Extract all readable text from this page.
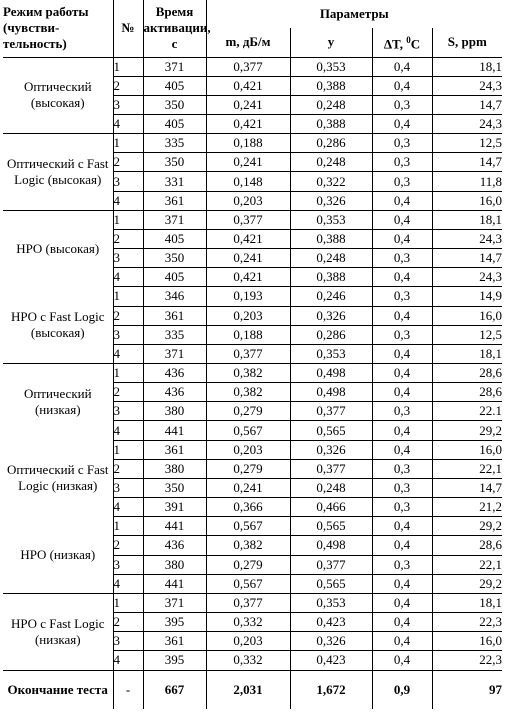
Режим работы (чувстви-тельность)	№	Время активации, с	Параметры			
			m, дБ/м	y	ΔT, $^0$C	S, ppm
Оптический (высокая)	1	371	0,377	0,353	0,4	18,1
	2	405	0,421	0,388	0,4	24,3
	3	350	0,241	0,248	0,3	14,7
	4	405	0,421	0,388	0,4	24,3
Оптический с Fast Logic (высокая)	1	335	0,188	0,286	0,3	12,5
	2	350	0,241	0,248	0,3	14,7
	3	331	0,148	0,322	0,3	11,8
	4	361	0,203	0,326	0,4	16,0
HPO (высокая)	1	371	0,377	0,353	0,4	18,1
	2	405	0,421	0,388	0,4	24,3
	3	350	0,241	0,248	0,3	14,7
	4	405	0,421	0,388	0,4	24,3
HPO с Fast Logic (высокая)	1	346	0,193	0,246	0,3	14,9
	2	361	0,203	0,326	0,4	16,0
	3	335	0,188	0,286	0,3	12,5
	4	371	0,377	0,353	0,4	18,1
Оптический (низкая)	1	436	0,382	0,498	0,4	28,6
	2	436	0,382	0,498	0,4	28,6
	3	380	0,279	0,377	0,3	22.1
	4	441	0,567	0,565	0,4	29,2
Оптический с Fast Logic (низкая)	1	361	0,203	0,326	0,4	16,0
	2	380	0,279	0,377	0,3	22,1
	3	350	0,241	0,248	0,3	14,7
	4	391	0,366	0,466	0,3	21,2
HPO (низкая)	1	441	0,567	0,565	0,4	29,2
	2	436	0,382	0,498	0,4	28,6
	3	380	0,279	0,377	0,3	22,1
	4	441	0,567	0,565	0,4	29,2
HPO с Fast Logic (низкая)	1	371	0,377	0,353	0,4	18,1
	2	395	0,332	0,423	0,4	22,3
	3	361	0,203	0,326	0,4	16,0
	4	395	0,332	0,423	0,4	22,3
Окончание теста	-	667	2,031	1,672	0,9	97
